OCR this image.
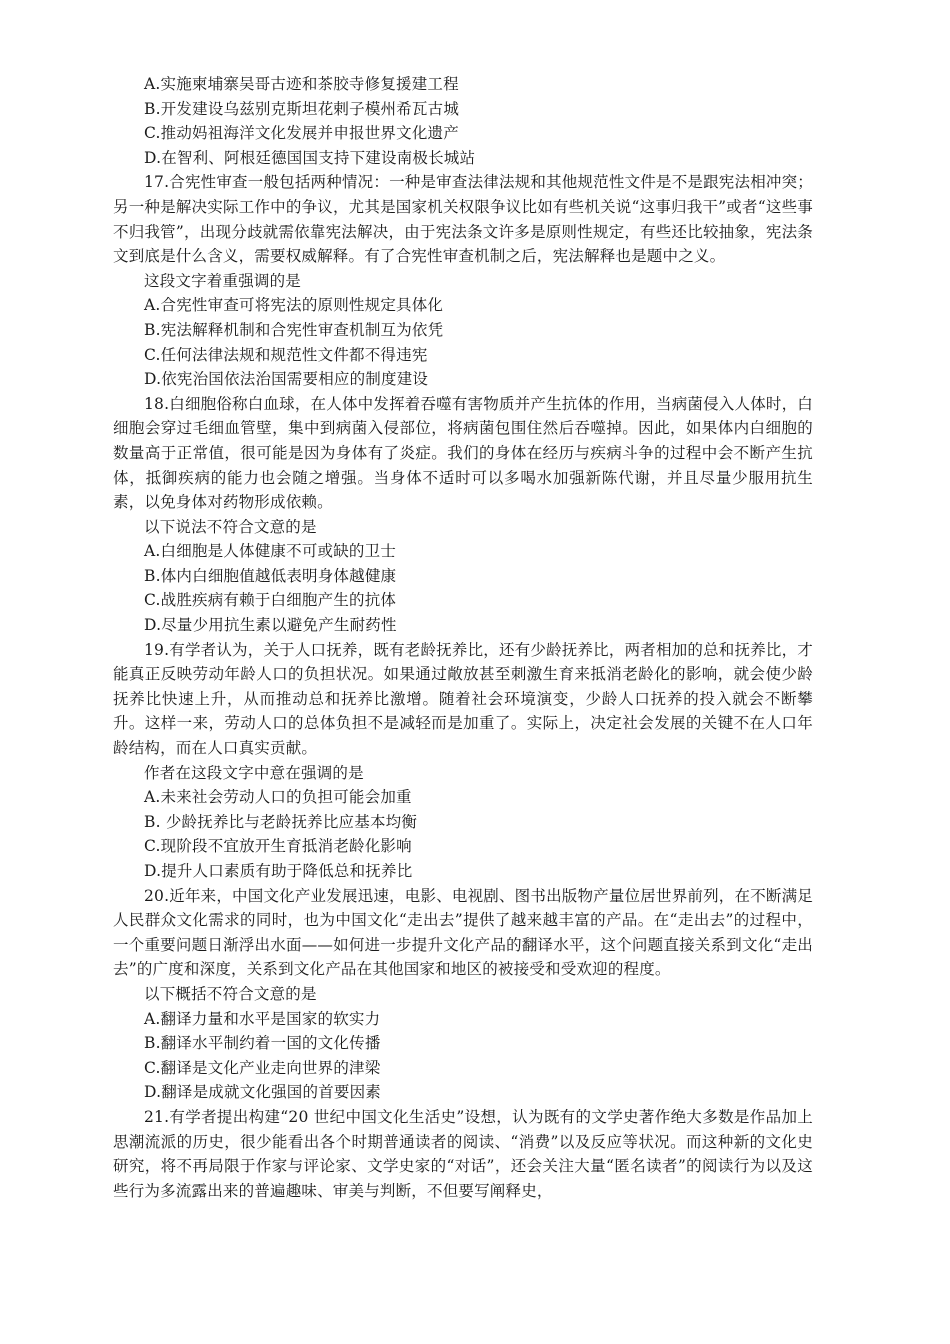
A.实施柬埔寨吴哥古迹和茶胶寺修复援建工程

B.开发建设乌兹别克斯坦花剌子模州希瓦古城

C.推动妈祖海洋文化发展并申报世界文化遗产

D.在智利、阿根廷德国国支持下建设南极长城站

17.合宪性审查一般包括两种情况：一种是审查法律法规和其他规范性文件是不是跟宪法相冲突；另一种是解决实际工作中的争议，尤其是国家机关权限争议比如有些机关说“这事归我干”或者“这些事不归我管”，出现分歧就需依靠宪法解决，由于宪法条文许多是原则性规定，有些还比较抽象，宪法条文到底是什么含义，需要权威解释。有了合宪性审查机制之后，宪法解释也是题中之义。

这段文字着重强调的是

A.合宪性审查可将宪法的原则性规定具体化

B.宪法解释机制和合宪性审查机制互为依凭

C.任何法律法规和规范性文件都不得违宪

D.依宪治国依法治国需要相应的制度建设

18.白细胞俗称白血球，在人体中发挥着吞噬有害物质并产生抗体的作用，当病菌侵入人体时，白细胞会穿过毛细血管壁，集中到病菌入侵部位，将病菌包围住然后吞噬掉。因此，如果体内白细胞的数量高于正常值，很可能是因为身体有了炎症。我们的身体在经历与疾病斗争的过程中会不断产生抗体，抵御疾病的能力也会随之增强。当身体不适时可以多喝水加强新陈代谢，并且尽量少服用抗生素，以免身体对药物形成依赖。

以下说法不符合文意的是

A.白细胞是人体健康不可或缺的卫士

B.体内白细胞值越低表明身体越健康

C.战胜疾病有赖于白细胞产生的抗体

D.尽量少用抗生素以避免产生耐药性

19.有学者认为，关于人口抚养，既有老龄抚养比，还有少龄抚养比，两者相加的总和抚养比，才能真正反映劳动年龄人口的负担状况。如果通过敞放甚至刺激生育来抵消老龄化的影响，就会使少龄抚养比快速上升，从而推动总和抚养比激增。随着社会环境演变，少龄人口抚养的投入就会不断攀升。这样一来，劳动人口的总体负担不是减轻而是加重了。实际上，决定社会发展的关键不在人口年龄结构，而在人口真实贡献。

作者在这段文字中意在强调的是

A.未来社会劳动人口的负担可能会加重

B. 少龄抚养比与老龄抚养比应基本均衡

C.现阶段不宜放开生育抵消老龄化影响

D.提升人口素质有助于降低总和抚养比

20.近年来，中国文化产业发展迅速，电影、电视剧、图书出版物产量位居世界前列，在不断满足人民群众文化需求的同时，也为中国文化“走出去”提供了越来越丰富的产品。在“走出去”的过程中，一个重要问题日渐浮出水面——如何进一步提升文化产品的翻译水平，这个问题直接关系到文化“走出去”的广度和深度，关系到文化产品在其他国家和地区的被接受和受欢迎的程度。

以下概括不符合文意的是

A.翻译力量和水平是国家的软实力

B.翻译水平制约着一国的文化传播

C.翻译是文化产业走向世界的津梁

D.翻译是成就文化强国的首要因素

21.有学者提出构建“20 世纪中国文化生活史”设想，认为既有的文学史著作绝大多数是作品加上思潮流派的历史，很少能看出各个时期普通读者的阅读、“消费”以及反应等状况。而这种新的文化史研究，将不再局限于作家与评论家、文学史家的“对话”，还会关注大量“匿名读者”的阅读行为以及这些行为多流露出来的普遍趣味、审美与判断，不但要写阐释史，
